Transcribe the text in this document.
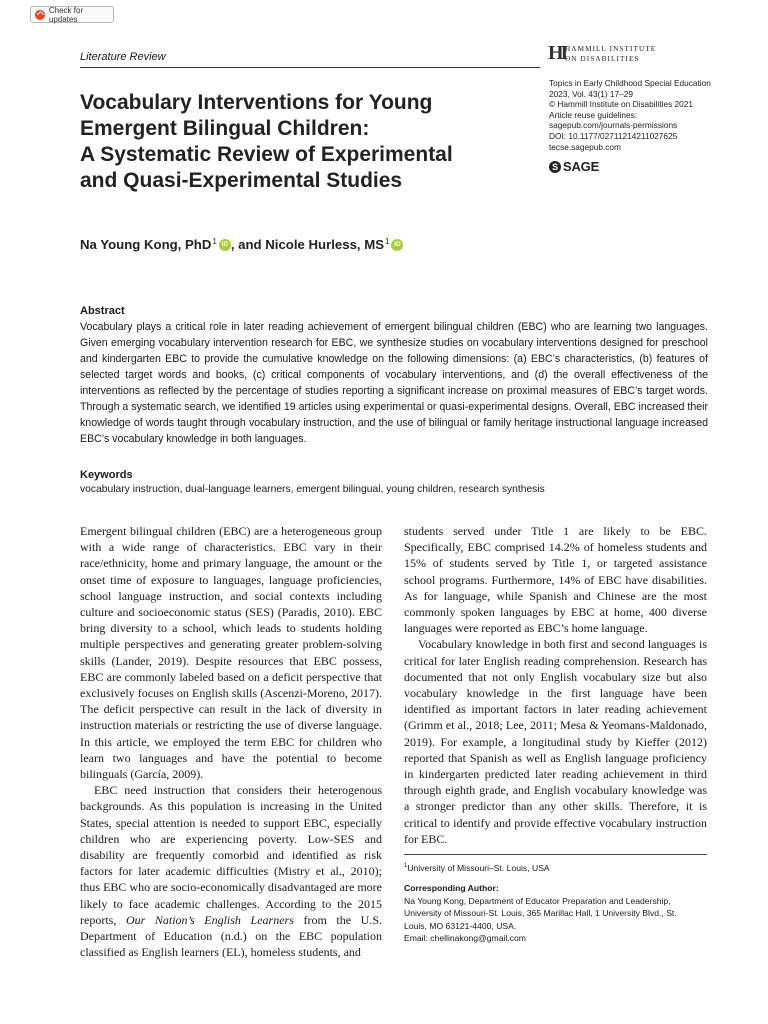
Check for updates
Literature Review	HI HAMMILL INSTITUTE
ON DISABILITIES
Topics in Early Childhood Special Education
2023, Vol. 43(1) 17–29
© Hammill Institute on Disabilities 2021
Article reuse guidelines:
sagepub.com/journals-permissions
DOI: 10.1177/02711214211027625
tecse.sagepub.com
S SAGE
Vocabulary Interventions for Young
Emergent Bilingual Children:
A Systematic Review of Experimental
and Quasi-Experimental Studies
Na Young Kong, PhD$^1$ iD , and Nicole Hurless, $MS^1$ iD

Abstract

Vocabulary plays a critical role in later reading achievement of emergent bilingual children (EBC) who are learning two languages. Given emerging vocabulary intervention research for EBC, we synthesize studies on vocabulary interventions designed for preschool and kindergarten EBC to provide the cumulative knowledge on the following dimensions: (a) EBC’s characteristics, (b) features of selected target words and books, (c) critical components of vocabulary interventions, and (d) the overall effectiveness of the interventions as reflected by the percentage of studies reporting a significant increase on proximal measures of EBC’s target words. Through a systematic search, we identified 19 articles using experimental or quasi-experimental designs. Overall, EBC increased their knowledge of words taught through vocabulary instruction, and the use of bilingual or family heritage instructional language increased EBC’s vocabulary knowledge in both languages.

Keywords

vocabulary instruction, dual-language learners, emergent bilingual, young children, research synthesis

Emergent bilingual children (EBC) are a heterogeneous group with a wide range of characteristics. EBC vary in their race/ethnicity, home and primary language, the amount or the onset time of exposure to languages, language proficiencies, school language instruction, and social contexts including culture and socioeconomic status (SES) (Paradis, 2010). EBC bring diversity to a school, which leads to students holding multiple perspectives and generating greater problem-solving skills (Lander, 2019). Despite resources that EBC possess, EBC are commonly labeled based on a deficit perspective that exclusively focuses on English skills (Ascenzi-Moreno, 2017). The deficit perspective can result in the lack of diversity in instruction materials or restricting the use of diverse language. In this article, we employed the term EBC for children who learn two languages and have the potential to become bilinguals (García, 2009).

EBC need instruction that considers their heterogenous backgrounds. As this population is increasing in the United States, special attention is needed to support EBC, especially children who are experiencing poverty. Low-SES and disability are frequently comorbid and identified as risk factors for later academic difficulties (Mistry et al., 2010); thus EBC who are socio-economically disadvantaged are more likely to face academic challenges. According to the 2015 reports, Our Nation’s English Learners from the U.S. Department of Education (n.d.) on the EBC population classified as English learners (EL), homeless students, and

students served under Title 1 are likely to be EBC. Specifically, EBC comprised 14.2% of homeless students and 15% of students served by Title 1, or targeted assistance school programs. Furthermore, 14% of EBC have disabilities. As for language, while Spanish and Chinese are the most commonly spoken languages by EBC at home, 400 diverse languages were reported as EBC’s home language.

Vocabulary knowledge in both first and second languages is critical for later English reading comprehension. Research has documented that not only English vocabulary size but also vocabulary knowledge in the first language have been identified as important factors in later reading achievement (Grimm et al., 2018; Lee, 2011; Mesa & Yeomans-Maldonado, 2019). For example, a longitudinal study by Kieffer (2012) reported that Spanish as well as English language proficiency in kindergarten predicted later reading achievement in third through eighth grade, and English vocabulary knowledge was a stronger predictor than any other skills. Therefore, it is critical to identify and provide effective vocabulary instruction for EBC.

$^1$University of Missouri–St. Louis, USA
Corresponding Author:
Na Young Kong, Department of Educator Preparation and Leadership,
University of Missouri-St. Louis, 365 Marillac Hall, 1 University Blvd., St.
Louis, MO 63121-4400, USA.
Email: chellinakong@gmail.com
